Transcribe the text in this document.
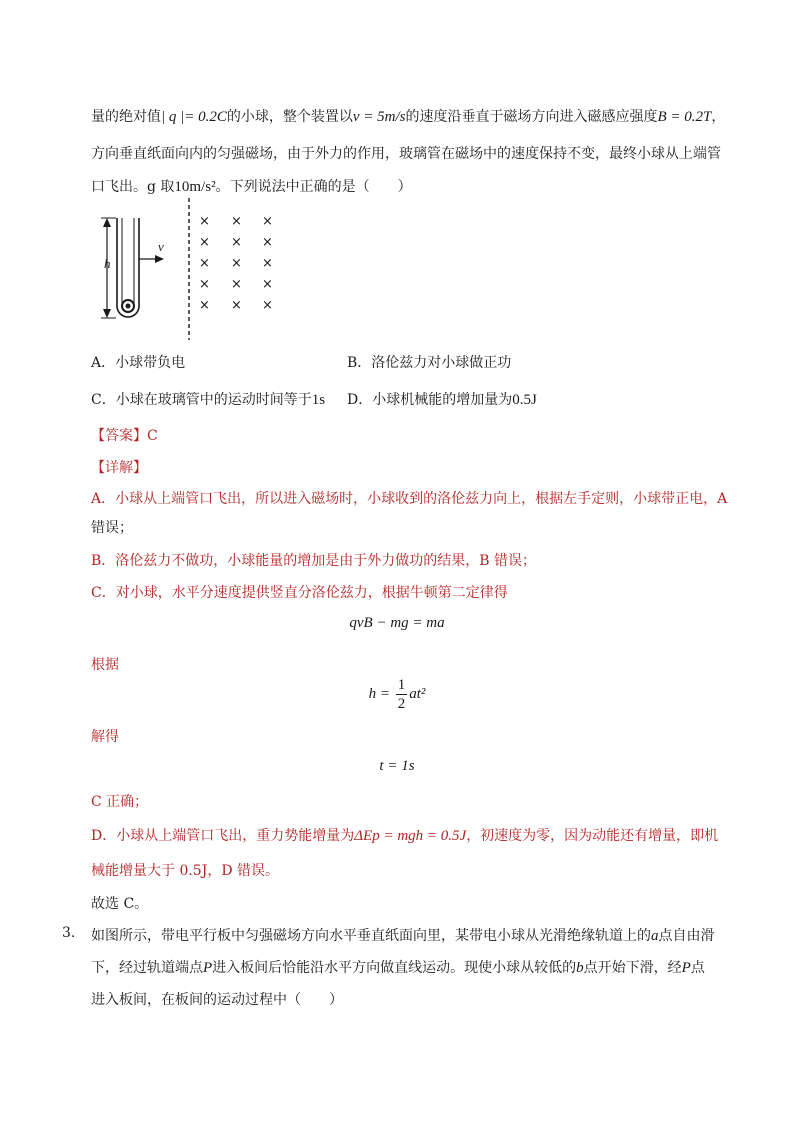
量的绝对值| q |= 0.2C的小球，整个装置以v = 5m/s的速度沿垂直于磁场方向进入磁感应强度B = 0.2T，
方向垂直纸面向内的匀强磁场，由于外力的作用，玻璃管在磁场中的速度保持不变，最终小球从上端管
口飞出。g 取10m/s²。下列说法中正确的是（　　）
h
v
× × ×
× × ×
× × ×
× × ×
× × ×
A．小球带负电	B．洛伦兹力对小球做正功
C．小球在玻璃管中的运动时间等于1s D．小球机械能的增加量为0.5J
【答案】C
【详解】
A．小球从上端管口飞出，所以进入磁场时，小球收到的洛伦兹力向上，根据左手定则，小球带正电，A
错误；
B．洛伦兹力不做功，小球能量的增加是由于外力做功的结果，B 错误；
C．对小球，水平分速度提供竖直分洛伦兹力，根据牛顿第二定律得
qvB − mg = ma
根据
$h = \frac{1}{2} at^2$
解得
t = 1s
C 正确；
D．小球从上端管口飞出，重力势能增量为ΔEp = mgh = 0.5J，初速度为零，因为动能还有增量，即机
械能增量大于 0.5J，D 错误。
故选 C。
3. 如图所示，带电平行板中匀强磁场方向水平垂直纸面向里，某带电小球从光滑绝缘轨道上的a点自由滑
下，经过轨道端点P进入板间后恰能沿水平方向做直线运动。现使小球从较低的b点开始下滑，经P点
进入板间，在板间的运动过程中（　　）
